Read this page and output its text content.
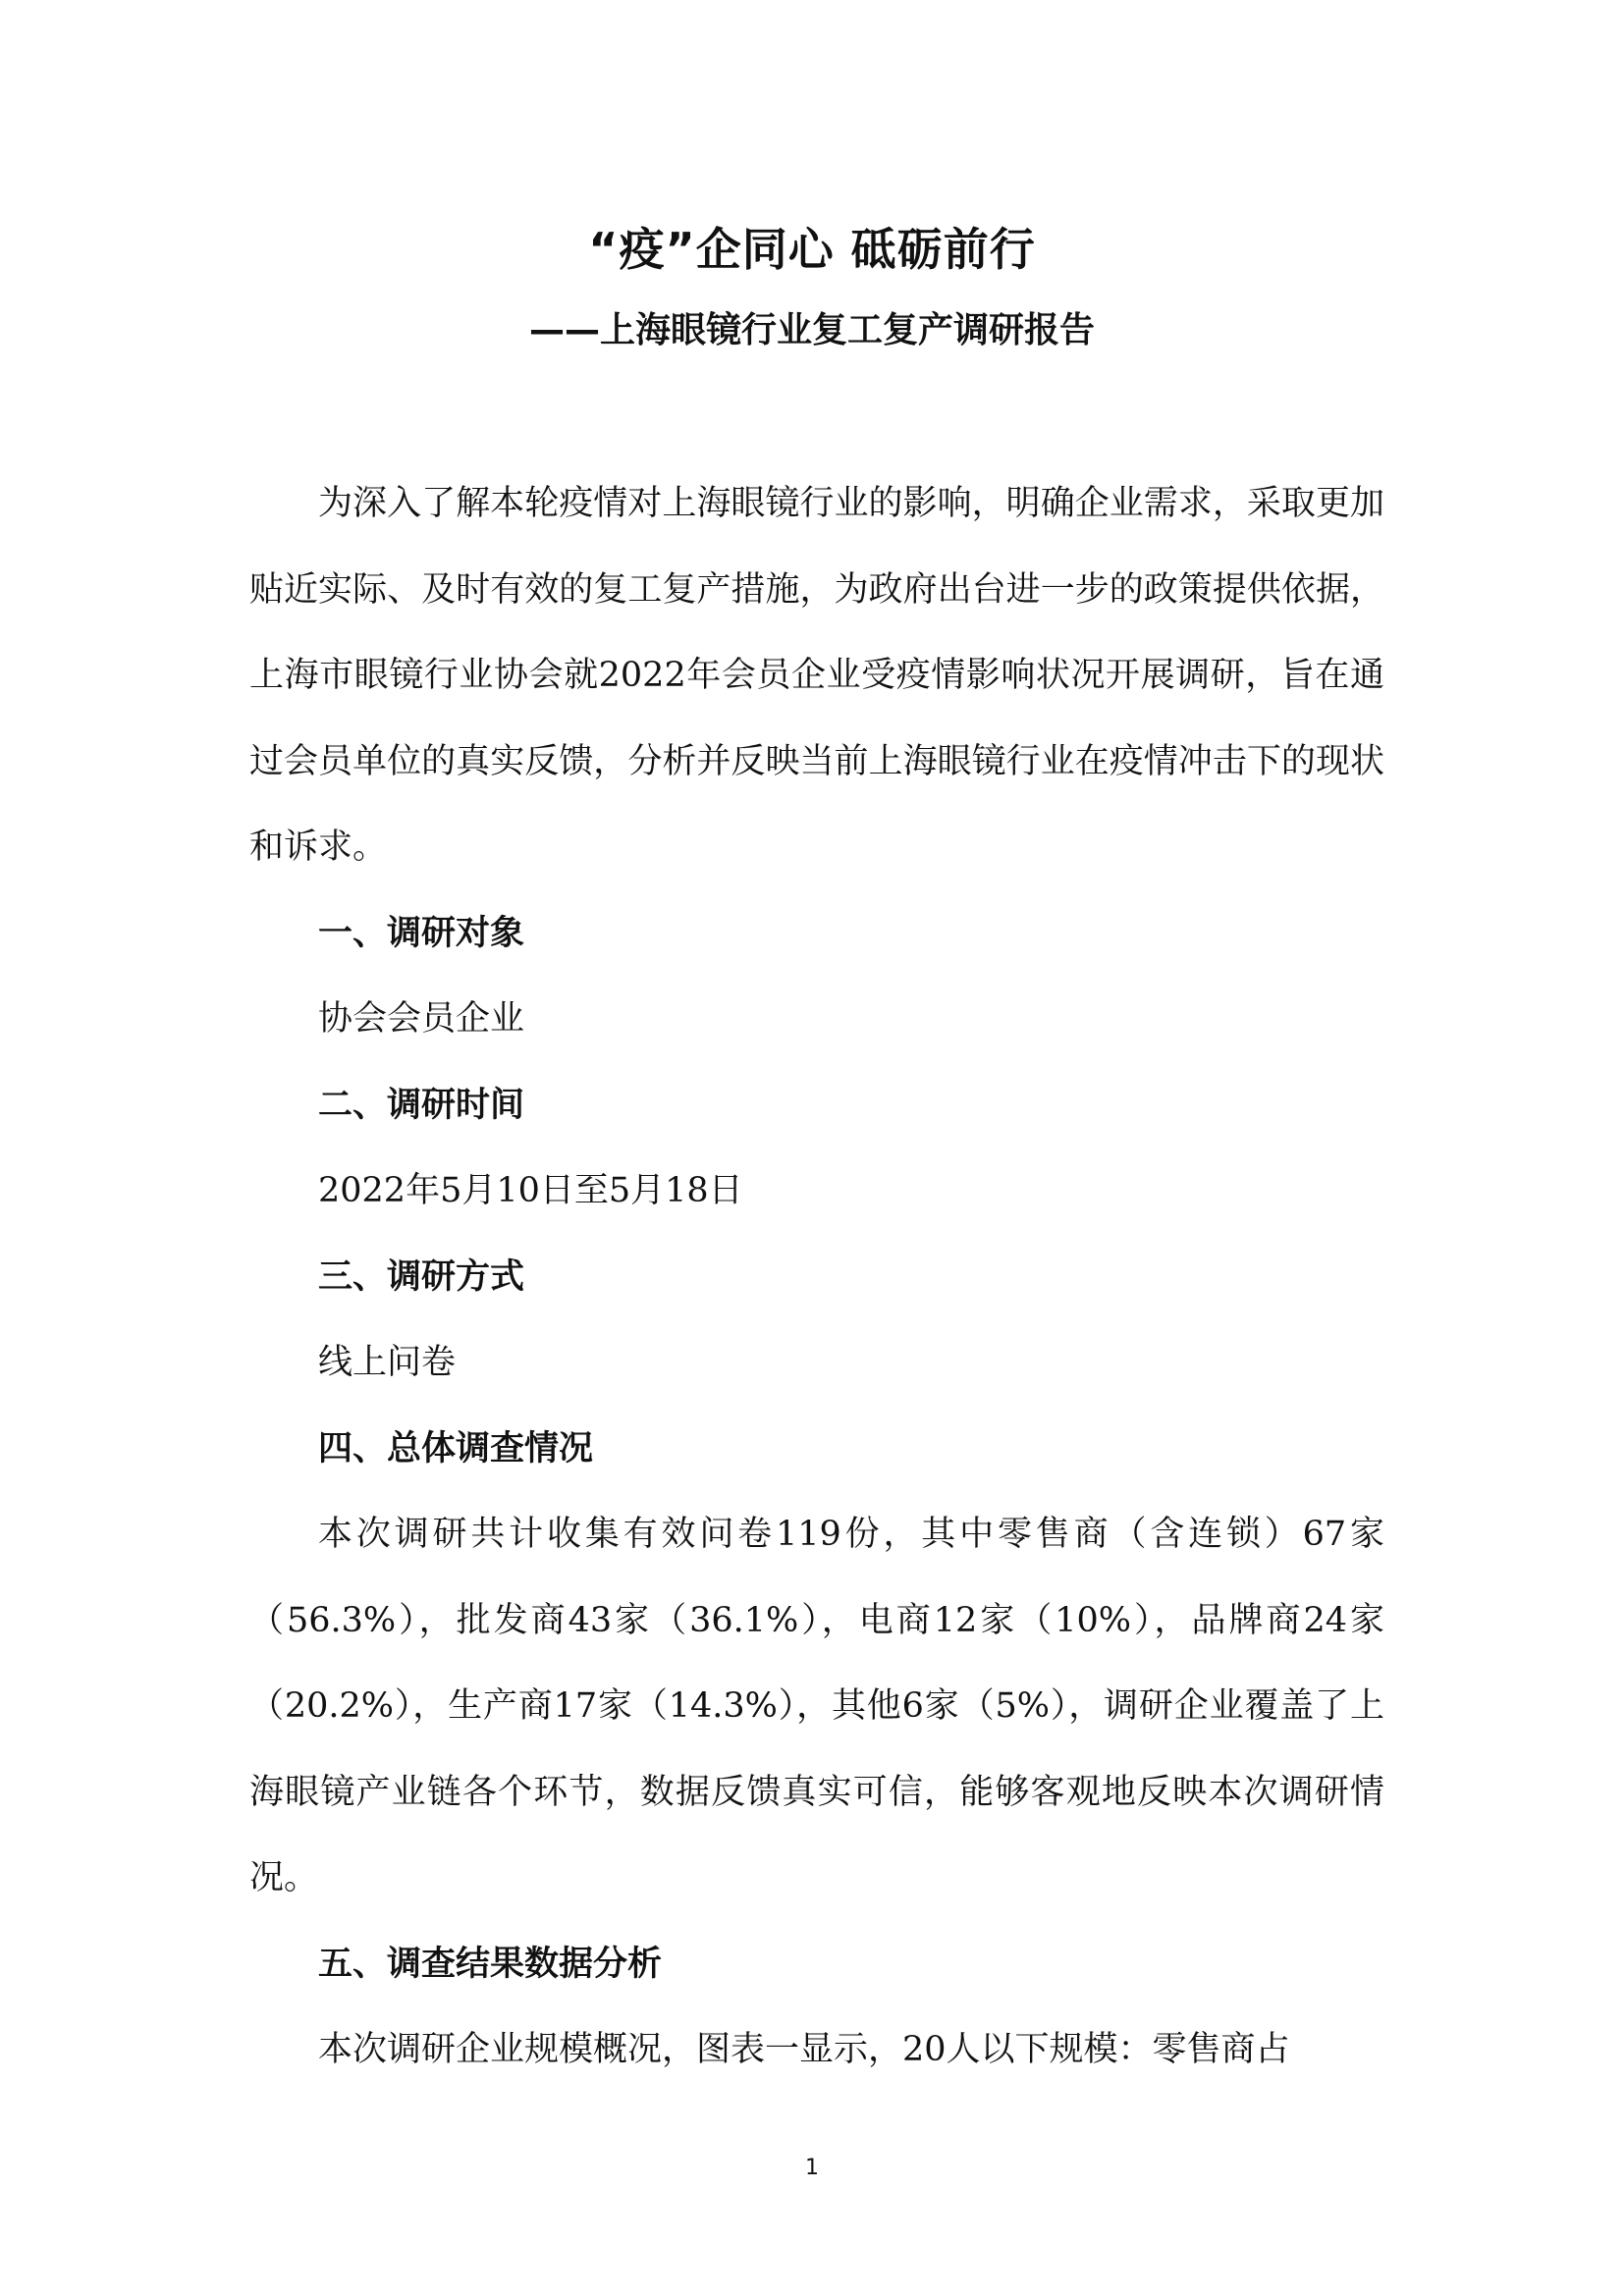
“疫”企同心 砥砺前行
——上海眼镜行业复工复产调研报告

为深入了解本轮疫情对上海眼镜行业的影响，明确企业需求，采取更加贴近实际、及时有效的复工复产措施，为政府出台进一步的政策提供依据，上海市眼镜行业协会就2022年会员企业受疫情影响状况开展调研，旨在通过会员单位的真实反馈，分析并反映当前上海眼镜行业在疫情冲击下的现状和诉求。

一、调研对象

协会会员企业

二、调研时间

2022年5月10日至5月18日

三、调研方式

线上问卷

四、总体调查情况

本次调研共计收集有效问卷119份，其中零售商（含连锁）67家（56.3%），批发商43家（36.1%），电商12家（10%），品牌商24家（20.2%），生产商17家（14.3%），其他6家（5%），调研企业覆盖了上海眼镜产业链各个环节，数据反馈真实可信，能够客观地反映本次调研情况。

五、调查结果数据分析

本次调研企业规模概况，图表一显示，20人以下规模：零售商占

1
